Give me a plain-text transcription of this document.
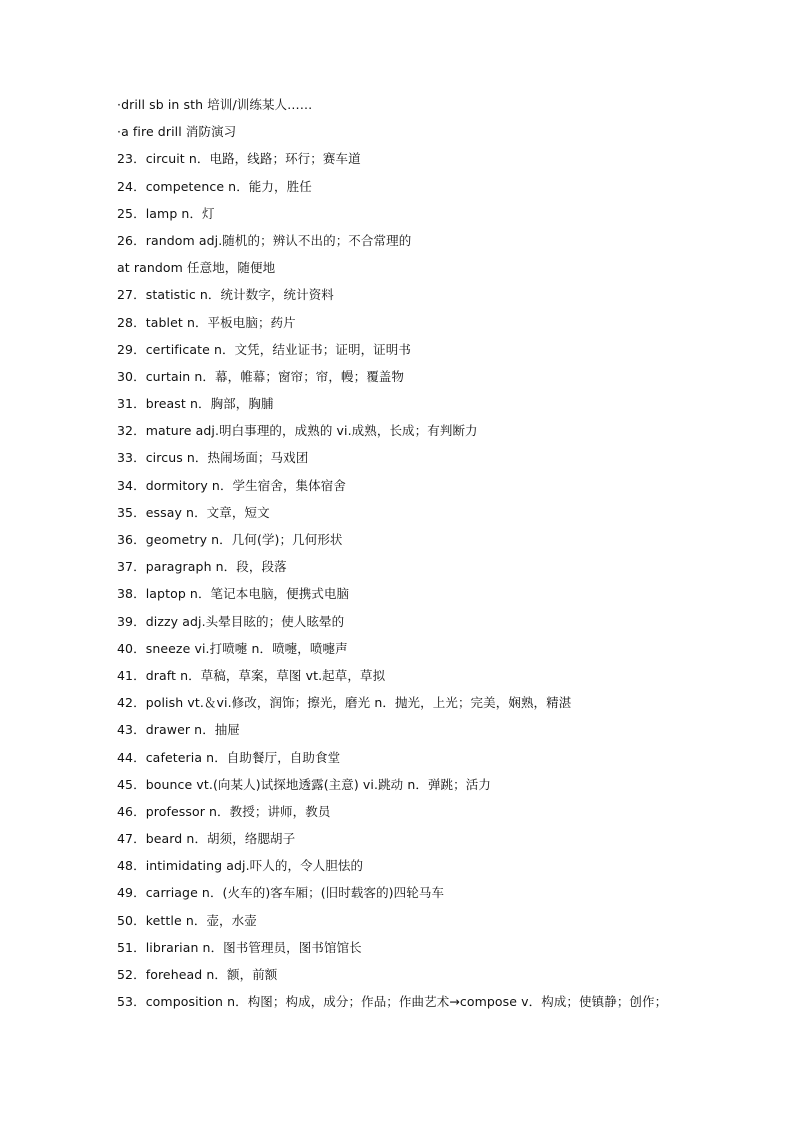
·drill sb in sth 培训/训练某人……
·a fire drill 消防演习
23．circuit n．电路，线路；环行；赛车道
24．competence n．能力，胜任
25．lamp n．灯
26．random adj.随机的；辨认不出的；不合常理的
at random 任意地，随便地
27．statistic n．统计数字，统计资料
28．tablet n．平板电脑；药片
29．certificate n．文凭，结业证书；证明，证明书
30．curtain n．幕，帷幕；窗帘；帘，幔；覆盖物
31．breast n．胸部，胸脯
32．mature adj.明白事理的，成熟的 vi.成熟，长成；有判断力
33．circus n．热闹场面；马戏团
34．dormitory n．学生宿舍，集体宿舍
35．essay n．文章，短文
36．geometry n．几何(学)；几何形状
37．paragraph n．段，段落
38．laptop n．笔记本电脑，便携式电脑
39．dizzy adj.头晕目眩的；使人眩晕的
40．sneeze vi.打喷嚏 n．喷嚏，喷嚏声
41．draft n．草稿，草案，草图 vt.起草，草拟
42．polish vt.＆vi.修改，润饰；擦光，磨光 n．抛光，上光；完美，娴熟，精湛
43．drawer n．抽屉
44．cafeteria n．自助餐厅，自助食堂
45．bounce vt.(向某人)试探地透露(主意) vi.跳动 n．弹跳；活力
46．professor n．教授；讲师，教员
47．beard n．胡须，络腮胡子
48．intimidating adj.吓人的，令人胆怯的
49．carriage n．(火车的)客车厢；(旧时载客的)四轮马车
50．kettle n．壶，水壶
51．librarian n．图书管理员，图书馆馆长
52．forehead n．额，前额
53．composition n．构图；构成，成分；作品；作曲艺术→compose v．构成；使镇静；创作；
